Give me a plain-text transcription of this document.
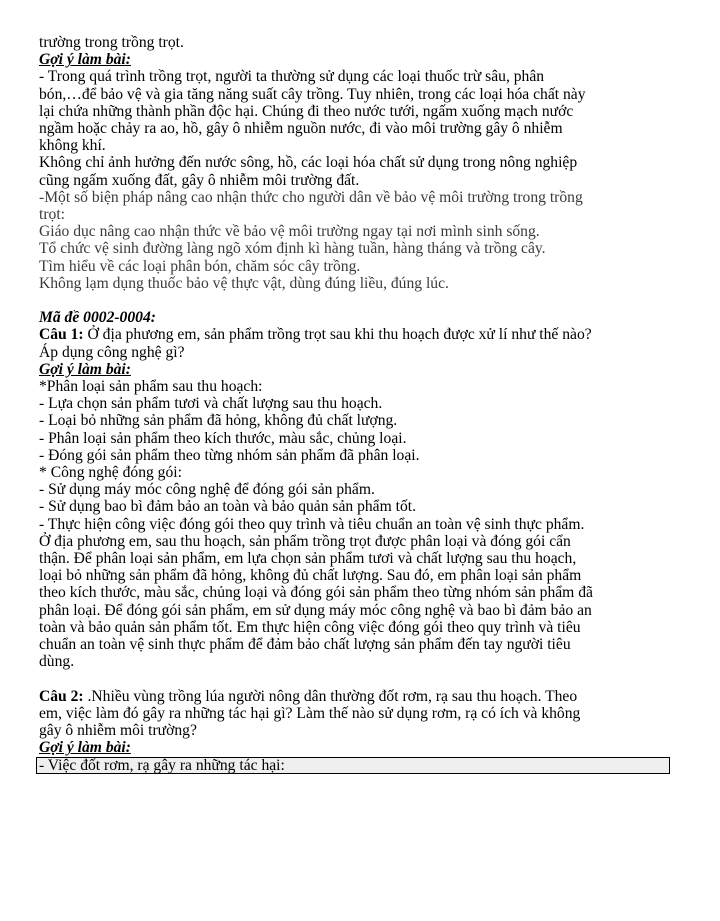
trường trong trồng trọt.
Gợi ý làm bài:
- Trong quá trình trồng trọt, người ta thường sử dụng các loại thuốc trừ sâu, phân
bón,…để bảo vệ và gia tăng năng suất cây trồng. Tuy nhiên, trong các loại hóa chất này
lại chứa những thành phần độc hại. Chúng đi theo nước tưới, ngấm xuống mạch nước
ngầm hoặc chảy ra ao, hồ, gây ô nhiễm nguồn nước, đi vào môi trường gây ô nhiễm
không khí.
Không chỉ ảnh hưởng đến nước sông, hồ, các loại hóa chất sử dụng trong nông nghiệp
cũng ngấm xuống đất, gây ô nhiễm môi trường đất.
-Một số biện pháp nâng cao nhận thức cho người dân về bảo vệ môi trường trong trồng
trọt:
Giáo dục nâng cao nhận thức về bảo vệ môi trường ngay tại nơi mình sinh sống.
Tổ chức vệ sinh đường làng ngõ xóm định kì hàng tuần, hàng tháng và trồng cây.
Tìm hiểu về các loại phân bón, chăm sóc cây trồng.
Không lạm dụng thuốc bảo vệ thực vật, dùng đúng liều, đúng lúc.
Mã đề 0002-0004:
Câu 1: Ở địa phương em, sản phẩm trồng trọt sau khi thu hoạch được xử lí như thế nào?
Áp dụng công nghệ gì?
Gợi ý làm bài:
*Phân loại sản phẩm sau thu hoạch:
- Lựa chọn sản phẩm tươi và chất lượng sau thu hoạch.
- Loại bỏ những sản phẩm đã hỏng, không đủ chất lượng.
- Phân loại sản phẩm theo kích thước, màu sắc, chủng loại.
- Đóng gói sản phẩm theo từng nhóm sản phẩm đã phân loại.
* Công nghệ đóng gói:
- Sử dụng máy móc công nghệ để đóng gói sản phẩm.
- Sử dụng bao bì đảm bảo an toàn và bảo quản sản phẩm tốt.
- Thực hiện công việc đóng gói theo quy trình và tiêu chuẩn an toàn vệ sinh thực phẩm.
Ở địa phương em, sau thu hoạch, sản phẩm trồng trọt được phân loại và đóng gói cẩn
thận. Để phân loại sản phẩm, em lựa chọn sản phẩm tươi và chất lượng sau thu hoạch,
loại bỏ những sản phẩm đã hỏng, không đủ chất lượng. Sau đó, em phân loại sản phẩm
theo kích thước, màu sắc, chủng loại và đóng gói sản phẩm theo từng nhóm sản phẩm đã
phân loại. Để đóng gói sản phẩm, em sử dụng máy móc công nghệ và bao bì đảm bảo an
toàn và bảo quản sản phẩm tốt. Em thực hiện công việc đóng gói theo quy trình và tiêu
chuẩn an toàn vệ sinh thực phẩm để đảm bảo chất lượng sản phẩm đến tay người tiêu
dùng.
Câu 2: .Nhiều vùng trồng lúa người nông dân thường đốt rơm, rạ sau thu hoạch. Theo
em, việc làm đó gây ra những tác hại gì? Làm thế nào sử dụng rơm, rạ có ích và không
gây ô nhiễm môi trường?
Gợi ý làm bài:
- Việc đốt rơm, rạ gây ra những tác hại:
